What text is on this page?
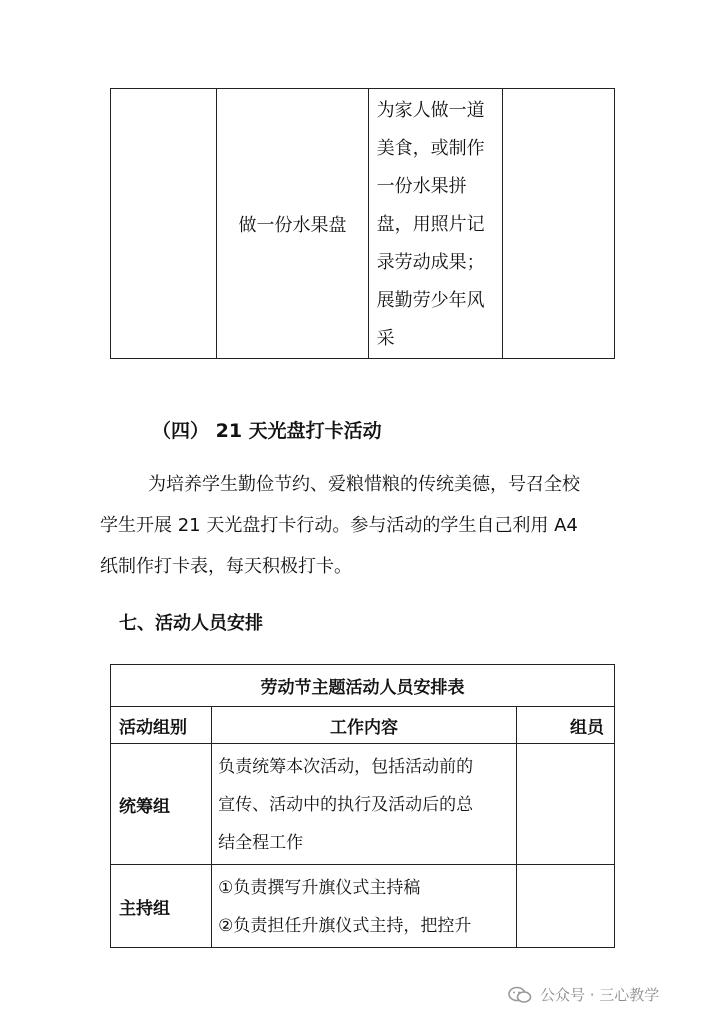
	做一份水果盘	
为家人做一道
美食，或制作
一份水果拼
盘，用照片记
录劳动成果；
展勤劳少年风
采

（四） 21 天光盘打卡活动
为培养学生勤俭节约、爱粮惜粮的传统美德，号召全校
学生开展 21 天光盘打卡行动。参与活动的学生自己利用 A4
纸制作打卡表，每天积极打卡。
七、活动人员安排
劳动节主题活动人员安排表		
活动组别	工作内容	组员
统筹组	负责统筹本次活动，包括活动前的
宣传、活动中的执行及活动后的总
结全程工作	

主持组	①负责撰写升旗仪式主持稿
②负责担任升旗仪式主持，把控升	

公众号 · 三心教学
